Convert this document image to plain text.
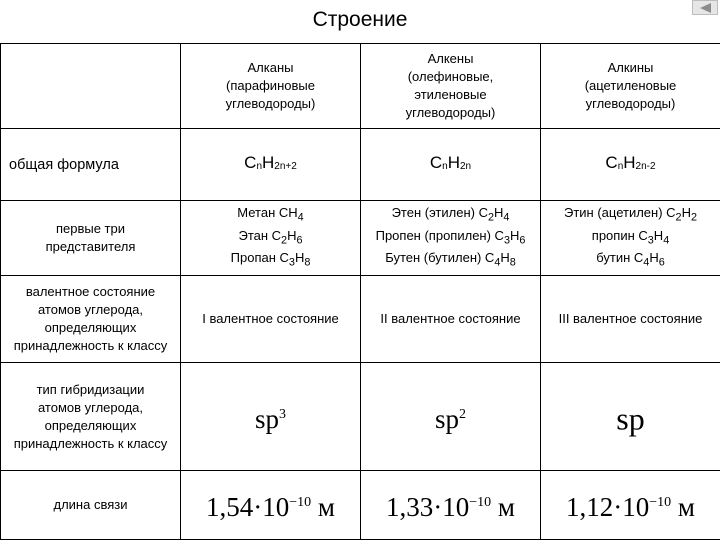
Строение

	Алканы
(парафиновые
углеводороды)	Алкены
(олефиновые,
этиленовые
углеводороды)	Алкины
(ацетиленовые
углеводороды)

общая формула	$C_nH_{2n+2}$	$C_nH_{2n}$	$C_nH_{2n-2}$

первые три
представителя	Метан $CH_4$
Этан $C_2H_6$
Пропан $C_3H_8$	Этен (этилен) $C_2H_4$
Пропен (пропилен) $C_3H_6$
Бутен (бутилен) $C_4H_8$	Этин (ацетилен) $C_2H_2$
пропин $C_3H_4$
бутин $C_4H_6$

валентное состояние
атомов углерода,
определяющих
принадлежность к классу	I валентное состояние	II валентное состояние	III валентное состояние

тип гибридизации
атомов углерода,
определяющих
принадлежность к классу	$sp^3$	$sp^2$	sp
длина связи	$1,54\cdot 10^{-10}$ м	$1,33\cdot 10^{-10}$ м	$1,12\cdot 10^{-10}$ м
